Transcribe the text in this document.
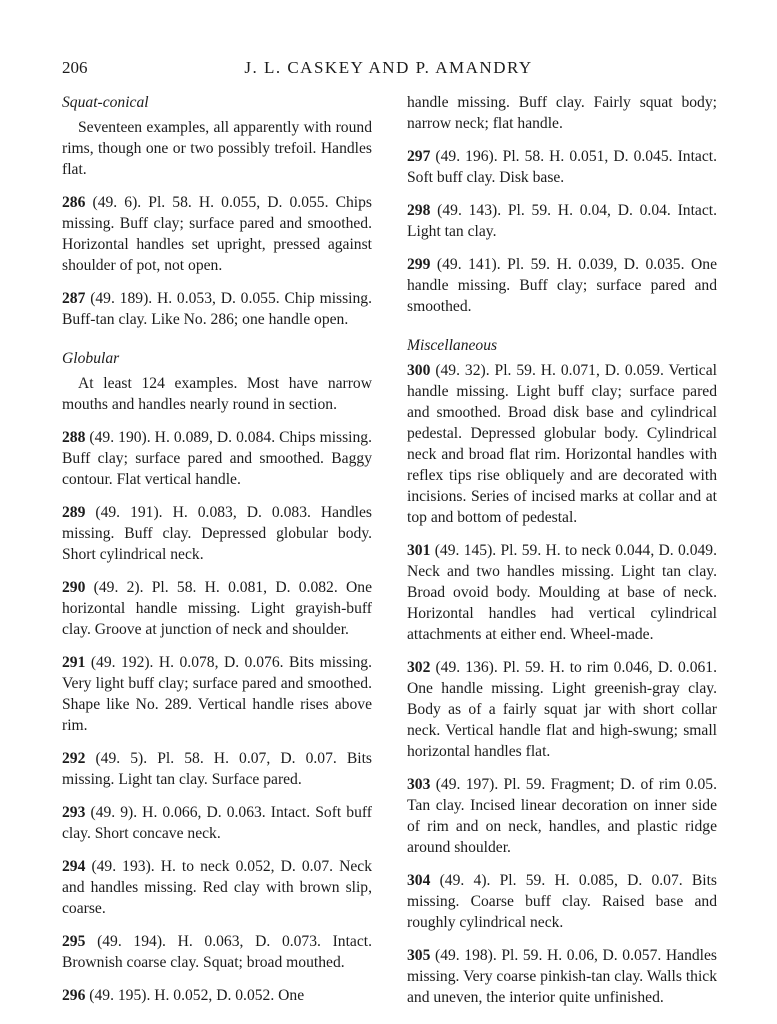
206	J. L. CASKEY AND P. AMANDRY
Squat-conical

Seventeen examples, all apparently with round rims, though one or two possibly trefoil. Handles flat.

286 (49. 6). Pl. 58. H. 0.055, D. 0.055. Chips missing. Buff clay; surface pared and smoothed. Horizontal handles set upright, pressed against shoulder of pot, not open.

287 (49. 189). H. 0.053, D. 0.055. Chip missing. Buff-tan clay. Like No. 286; one handle open.

Globular

At least 124 examples. Most have narrow mouths and handles nearly round in section.

288 (49. 190). H. 0.089, D. 0.084. Chips missing. Buff clay; surface pared and smoothed. Baggy contour. Flat vertical handle.

289 (49. 191). H. 0.083, D. 0.083. Handles missing. Buff clay. Depressed globular body. Short cylindrical neck.

290 (49. 2). Pl. 58. H. 0.081, D. 0.082. One horizontal handle missing. Light grayish-buff clay. Groove at junction of neck and shoulder.

291 (49. 192). H. 0.078, D. 0.076. Bits missing. Very light buff clay; surface pared and smoothed. Shape like No. 289. Vertical handle rises above rim.

292 (49. 5). Pl. 58. H. 0.07, D. 0.07. Bits missing. Light tan clay. Surface pared.

293 (49. 9). H. 0.066, D. 0.063. Intact. Soft buff clay. Short concave neck.

294 (49. 193). H. to neck 0.052, D. 0.07. Neck and handles missing. Red clay with brown slip, coarse.

295 (49. 194). H. 0.063, D. 0.073. Intact. Brownish coarse clay. Squat; broad mouthed.

296 (49. 195). H. 0.052, D. 0.052. One

handle missing. Buff clay. Fairly squat body; narrow neck; flat handle.

297 (49. 196). Pl. 58. H. 0.051, D. 0.045. Intact. Soft buff clay. Disk base.

298 (49. 143). Pl. 59. H. 0.04, D. 0.04. Intact. Light tan clay.

299 (49. 141). Pl. 59. H. 0.039, D. 0.035. One handle missing. Buff clay; surface pared and smoothed.

Miscellaneous

300 (49. 32). Pl. 59. H. 0.071, D. 0.059. Vertical handle missing. Light buff clay; surface pared and smoothed. Broad disk base and cylindrical pedestal. Depressed globular body. Cylindrical neck and broad flat rim. Horizontal handles with reflex tips rise obliquely and are decorated with incisions. Series of incised marks at collar and at top and bottom of pedestal.

301 (49. 145). Pl. 59. H. to neck 0.044, D. 0.049. Neck and two handles missing. Light tan clay. Broad ovoid body. Moulding at base of neck. Horizontal handles had vertical cylindrical attachments at either end. Wheel-made.

302 (49. 136). Pl. 59. H. to rim 0.046, D. 0.061. One handle missing. Light greenish-gray clay. Body as of a fairly squat jar with short collar neck. Vertical handle flat and high-swung; small horizontal handles flat.

303 (49. 197). Pl. 59. Fragment; D. of rim 0.05. Tan clay. Incised linear decoration on inner side of rim and on neck, handles, and plastic ridge around shoulder.

304 (49. 4). Pl. 59. H. 0.085, D. 0.07. Bits missing. Coarse buff clay. Raised base and roughly cylindrical neck.

305 (49. 198). Pl. 59. H. 0.06, D. 0.057. Handles missing. Very coarse pinkish-tan clay. Walls thick and uneven, the interior quite unfinished.
